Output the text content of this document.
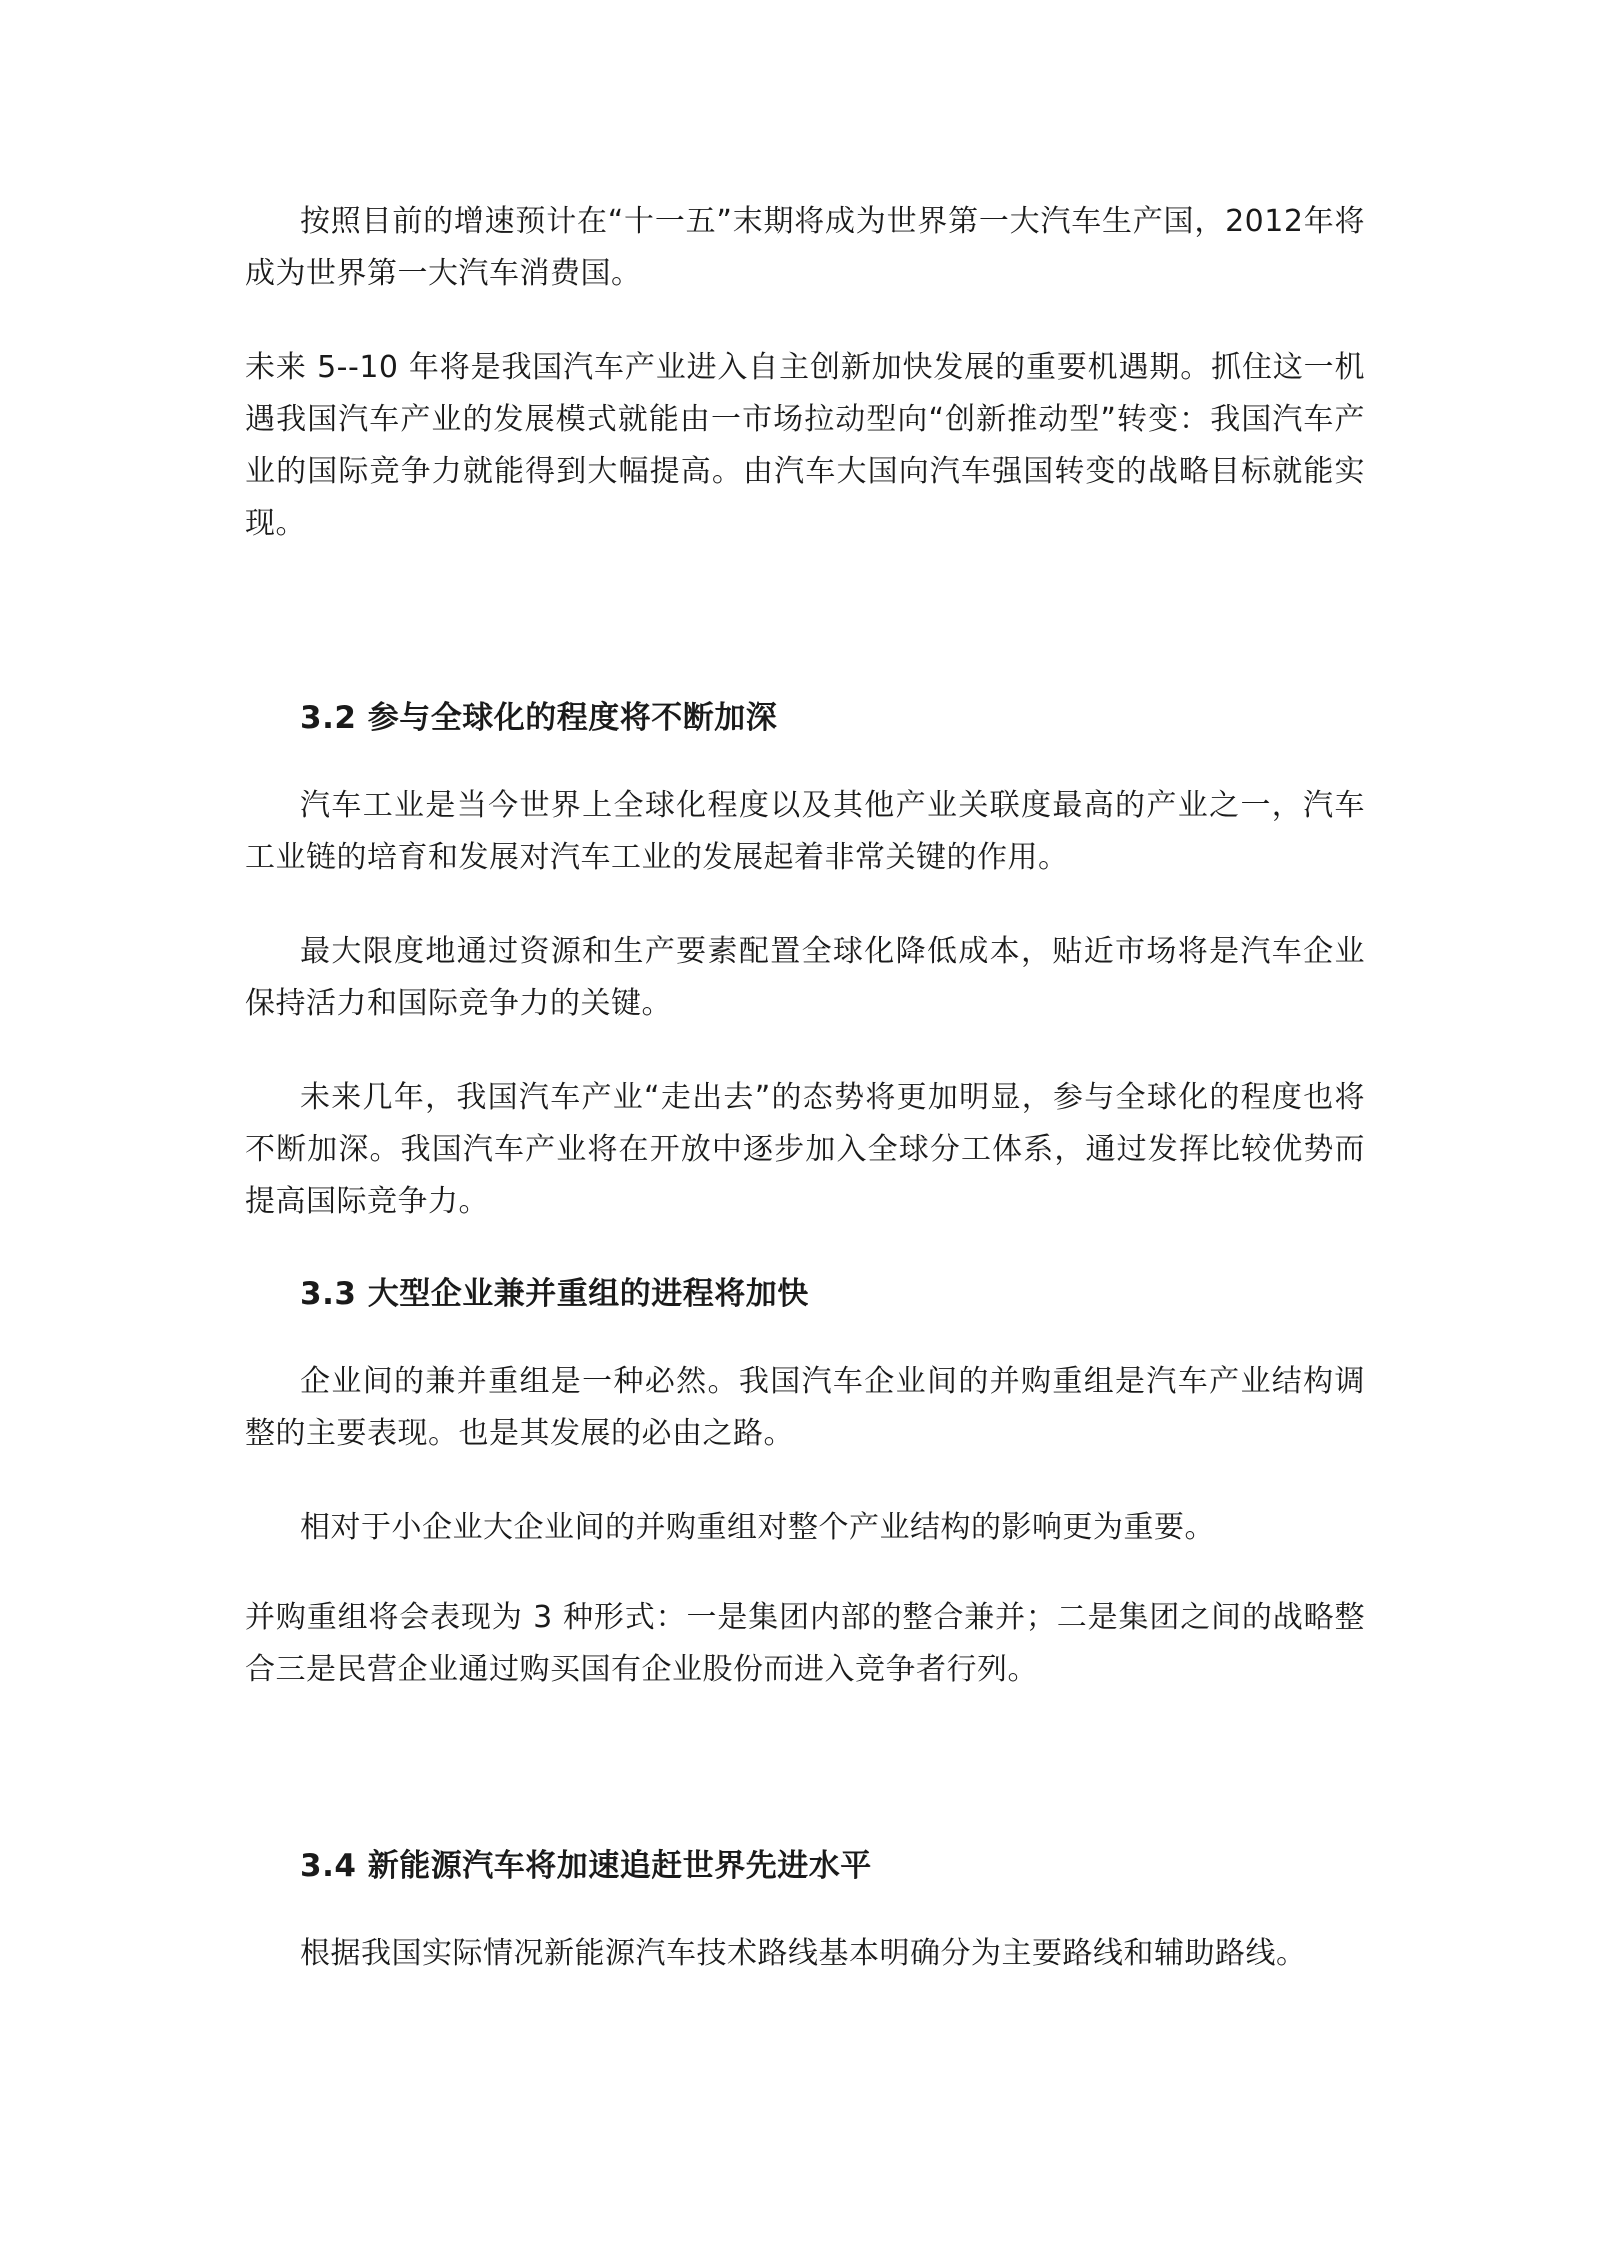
按照目前的增速预计在“十一五”末期将成为世界第一大汽车生产国，2012年将成为世界第一大汽车消费国。

未来 5--10 年将是我国汽车产业进入自主创新加快发展的重要机遇期。抓住这一机遇我国汽车产业的发展模式就能由一市场拉动型向“创新推动型”转变：我国汽车产业的国际竞争力就能得到大幅提高。由汽车大国向汽车强国转变的战略目标就能实现。

3.2 参与全球化的程度将不断加深

汽车工业是当今世界上全球化程度以及其他产业关联度最高的产业之一，汽车工业链的培育和发展对汽车工业的发展起着非常关键的作用。

最大限度地通过资源和生产要素配置全球化降低成本，贴近市场将是汽车企业保持活力和国际竞争力的关键。

未来几年，我国汽车产业“走出去”的态势将更加明显，参与全球化的程度也将不断加深。我国汽车产业将在开放中逐步加入全球分工体系，通过发挥比较优势而提高国际竞争力。

3.3 大型企业兼并重组的进程将加快

企业间的兼并重组是一种必然。我国汽车企业间的并购重组是汽车产业结构调整的主要表现。也是其发展的必由之路。

相对于小企业大企业间的并购重组对整个产业结构的影响更为重要。

并购重组将会表现为 3 种形式：一是集团内部的整合兼并；二是集团之间的战略整合三是民营企业通过购买国有企业股份而进入竞争者行列。

3.4 新能源汽车将加速追赶世界先进水平

根据我国实际情况新能源汽车技术路线基本明确分为主要路线和辅助路线。
